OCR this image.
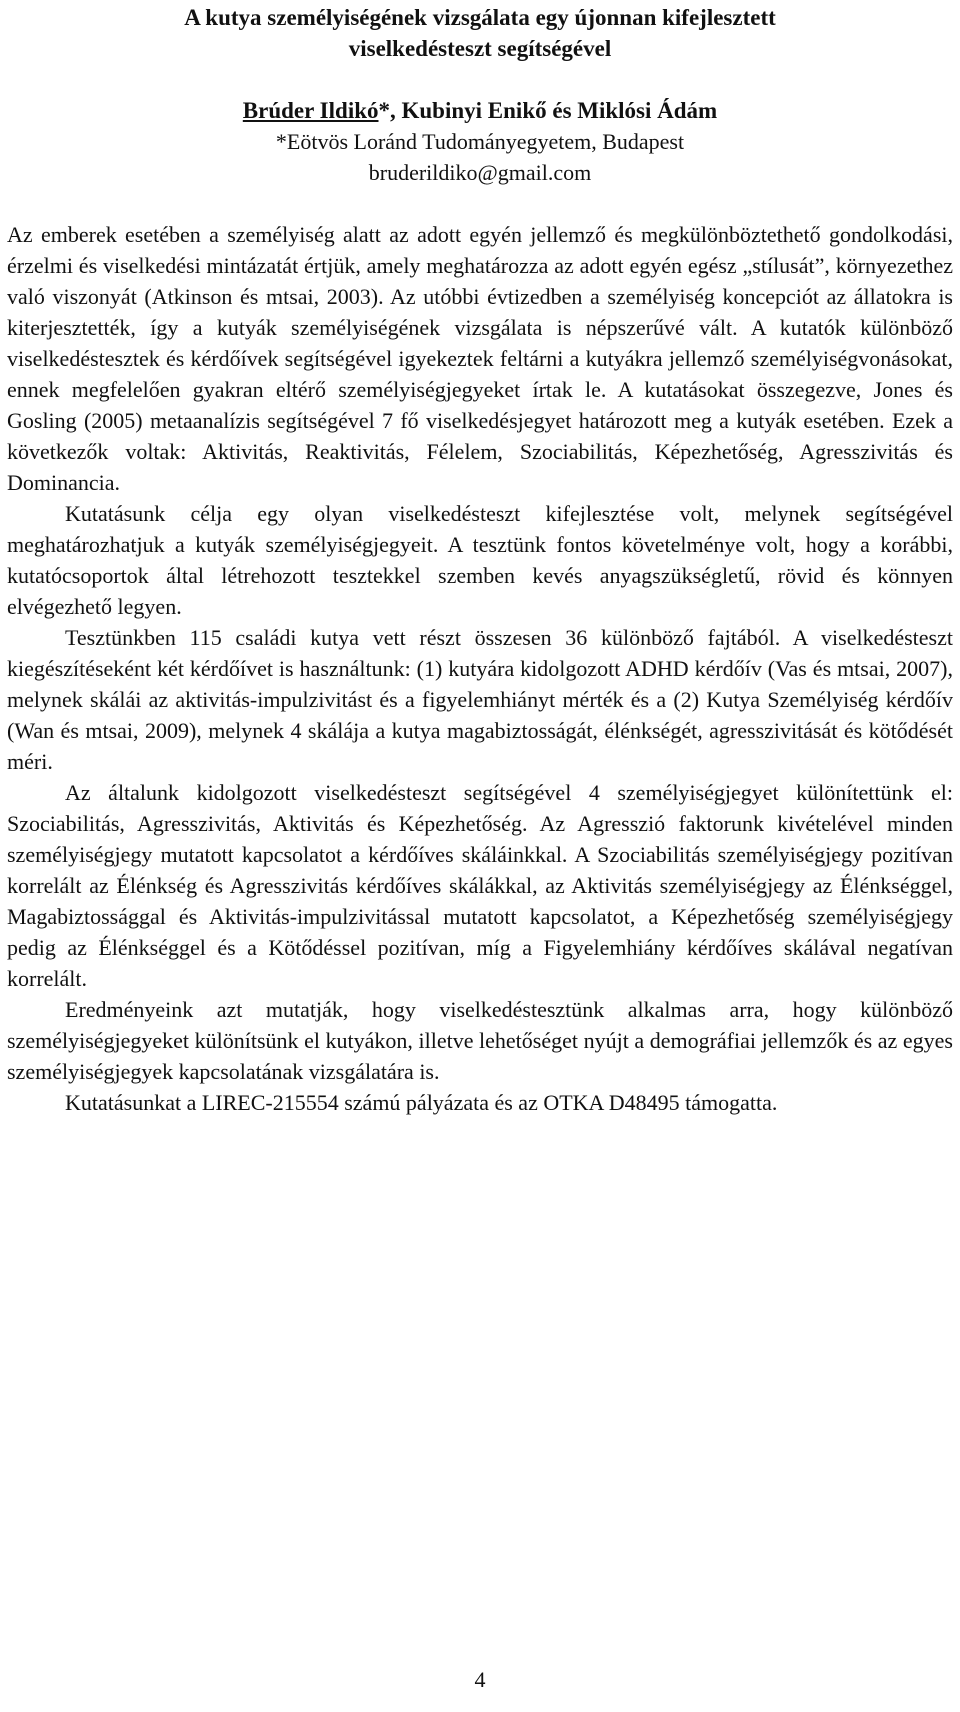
A kutya személyiségének vizsgálata egy újonnan kifejlesztett
viselkedésteszt segítségével
Brúder Ildikó*, Kubinyi Enikő és Miklósi Ádám
*Eötvös Loránd Tudományegyetem, Budapest
bruderildiko@gmail.com

Az emberek esetében a személyiség alatt az adott egyén jellemző és megkülönböztethető gondolkodási, érzelmi és viselkedési mintázatát értjük, amely meghatározza az adott egyén egész „stílusát”, környezethez való viszonyát (Atkinson és mtsai, 2003). Az utóbbi évtizedben a személyiség koncepciót az állatokra is kiterjesztették, így a kutyák személyiségének vizsgálata is népszerűvé vált. A kutatók különböző viselkedéstesztek és kérdőívek segítségével igyekeztek feltárni a kutyákra jellemző személyiségvonásokat, ennek megfelelően gyakran eltérő személyiségjegyeket írtak le. A kutatásokat összegezve, Jones és Gosling (2005) metaanalízis segítségével 7 fő viselkedésjegyet határozott meg a kutyák esetében. Ezek a következők voltak: Aktivitás, Reaktivitás, Félelem, Szociabilitás, Képezhetőség, Agresszivitás és Dominancia.

Kutatásunk célja egy olyan viselkedésteszt kifejlesztése volt, melynek segítségével meghatározhatjuk a kutyák személyiségjegyeit. A tesztünk fontos követelménye volt, hogy a korábbi, kutatócsoportok által létrehozott tesztekkel szemben kevés anyagszükségletű, rövid és könnyen elvégezhető legyen.

Tesztünkben 115 családi kutya vett részt összesen 36 különböző fajtából. A viselkedésteszt kiegészítéseként két kérdőívet is használtunk: (1) kutyára kidolgozott ADHD kérdőív (Vas és mtsai, 2007), melynek skálái az aktivitás-impulzivitást és a figyelemhiányt mérték és a (2) Kutya Személyiség kérdőív (Wan és mtsai, 2009), melynek 4 skálája a kutya magabiztosságát, élénkségét, agresszivitását és kötődését méri.

Az általunk kidolgozott viselkedésteszt segítségével 4 személyiségjegyet különítettünk el: Szociabilitás, Agresszivitás, Aktivitás és Képezhetőség. Az Agresszió faktorunk kivételével minden személyiségjegy mutatott kapcsolatot a kérdőíves skáláinkkal. A Szociabilitás személyiségjegy pozitívan korrelált az Élénkség és Agresszivitás kérdőíves skálákkal, az Aktivitás személyiségjegy az Élénkséggel, Magabiztossággal és Aktivitás-impulzivitással mutatott kapcsolatot, a Képezhetőség személyiségjegy pedig az Élénkséggel és a Kötődéssel pozitívan, míg a Figyelemhiány kérdőíves skálával negatívan korrelált.

Eredményeink azt mutatják, hogy viselkedéstesztünk alkalmas arra, hogy különböző személyiségjegyeket különítsünk el kutyákon, illetve lehetőséget nyújt a demográfiai jellemzők és az egyes személyiségjegyek kapcsolatának vizsgálatára is.

Kutatásunkat a LIREC-215554 számú pályázata és az OTKA D48495 támogatta.

4
